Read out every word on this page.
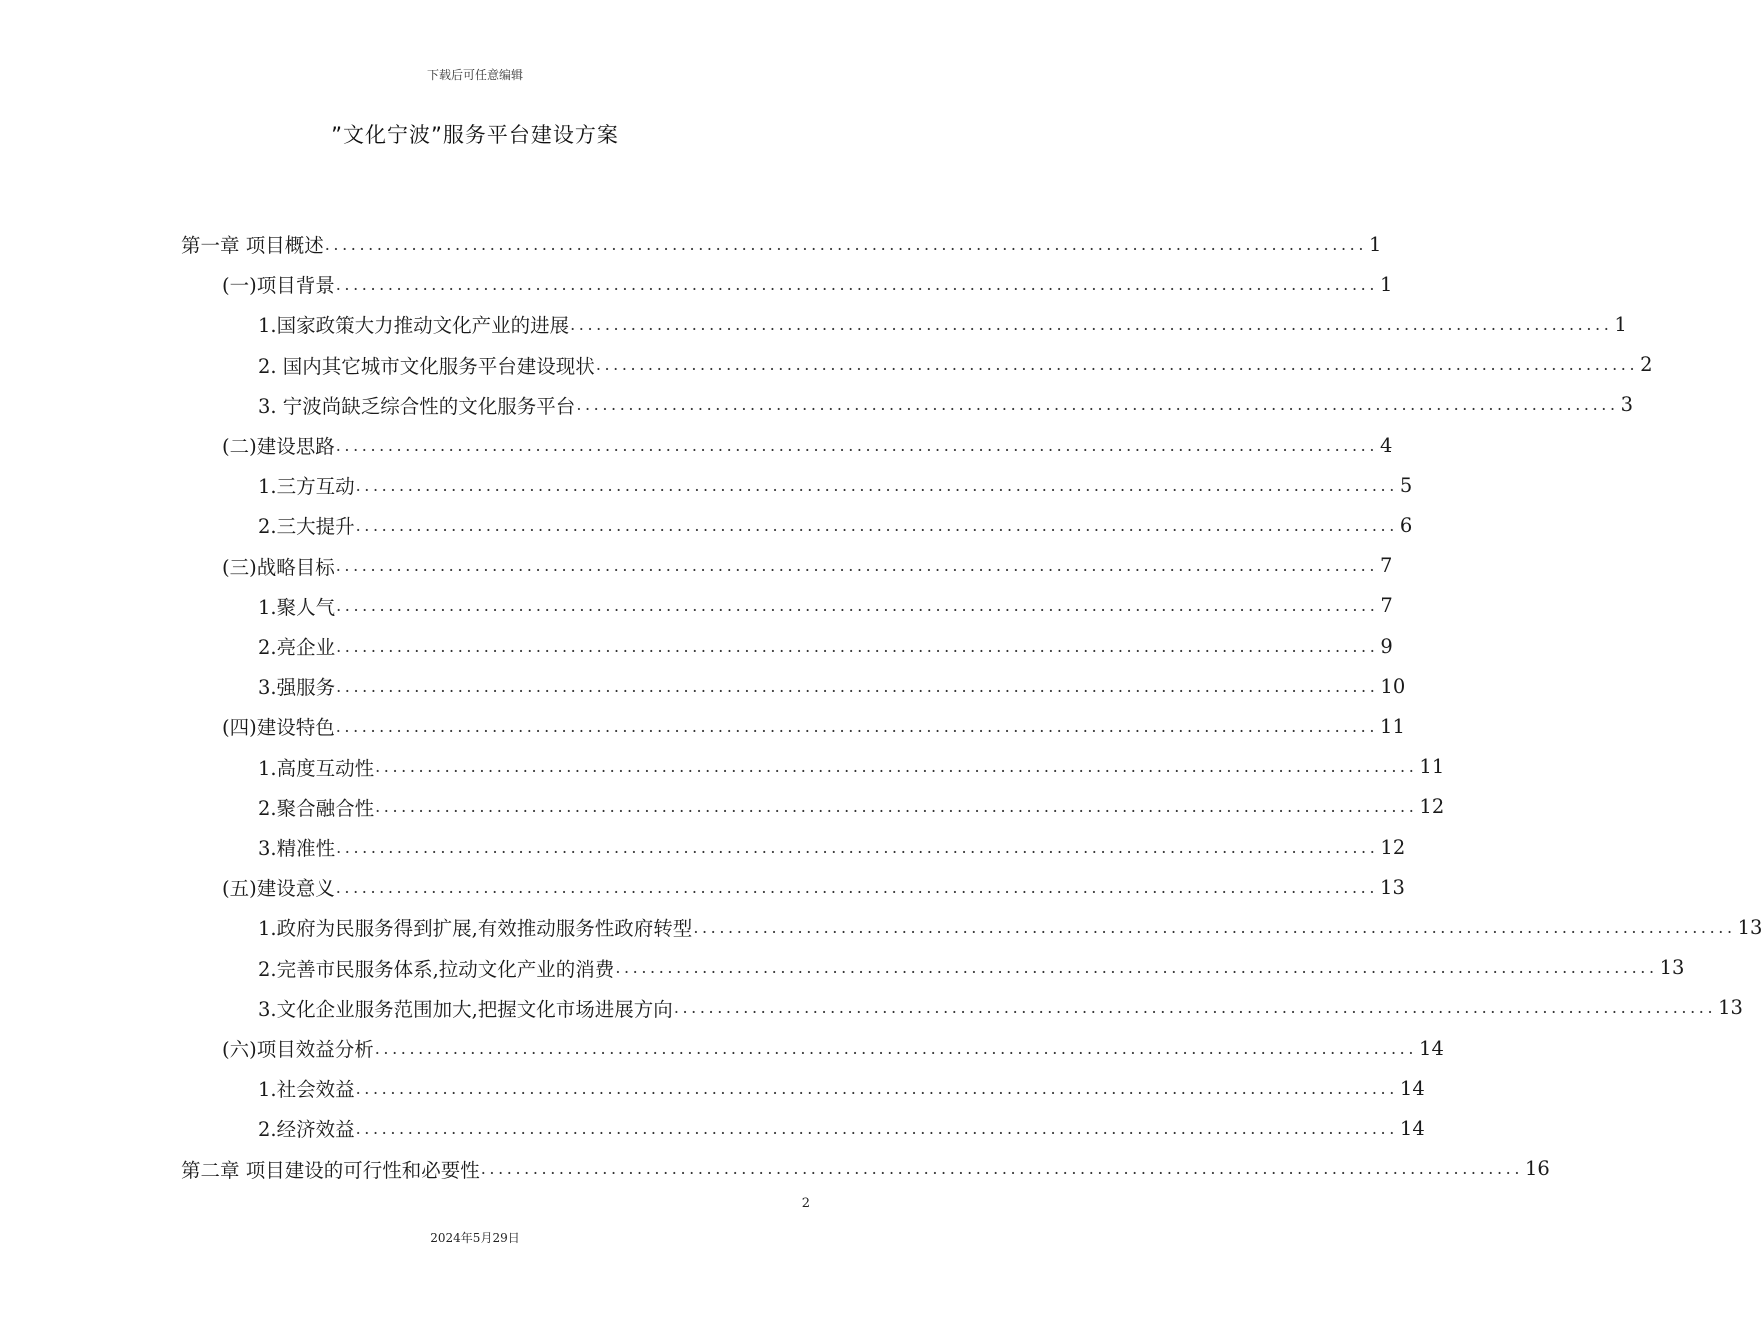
下载后可任意编辑
”文化宁波”服务平台建设方案
第一章 项目概述 ........................................................................................................................ 1
(一)项目背景 ........................................................................................................................ 1
1.国家政策大力推动文化产业的进展 ........................................................................................................................ 1
2. 国内其它城市文化服务平台建设现状 ........................................................................................................................ 2
3. 宁波尚缺乏综合性的文化服务平台 ........................................................................................................................ 3
(二)建设思路 ........................................................................................................................ 4
1.三方互动 ........................................................................................................................ 5
2.三大提升 ........................................................................................................................ 6
(三)战略目标 ........................................................................................................................ 7
1.聚人气 ........................................................................................................................ 7
2.亮企业 ........................................................................................................................ 9
3.强服务 ........................................................................................................................ 10
(四)建设特色 ........................................................................................................................ 11
1.高度互动性 ........................................................................................................................ 11
2.聚合融合性 ........................................................................................................................ 12
3.精准性 ........................................................................................................................ 12
(五)建设意义 ........................................................................................................................ 13
1.政府为民服务得到扩展,有效推动服务性政府转型 ........................................................................................................................ 13
2.完善市民服务体系,拉动文化产业的消费 ........................................................................................................................ 13
3.文化企业服务范围加大,把握文化市场进展方向 ........................................................................................................................ 13
(六)项目效益分析 ........................................................................................................................ 14
1.社会效益 ........................................................................................................................ 14
2.经济效益 ........................................................................................................................ 14
第二章 项目建设的可行性和必要性 ........................................................................................................................ 16
2
2024年5月29日
